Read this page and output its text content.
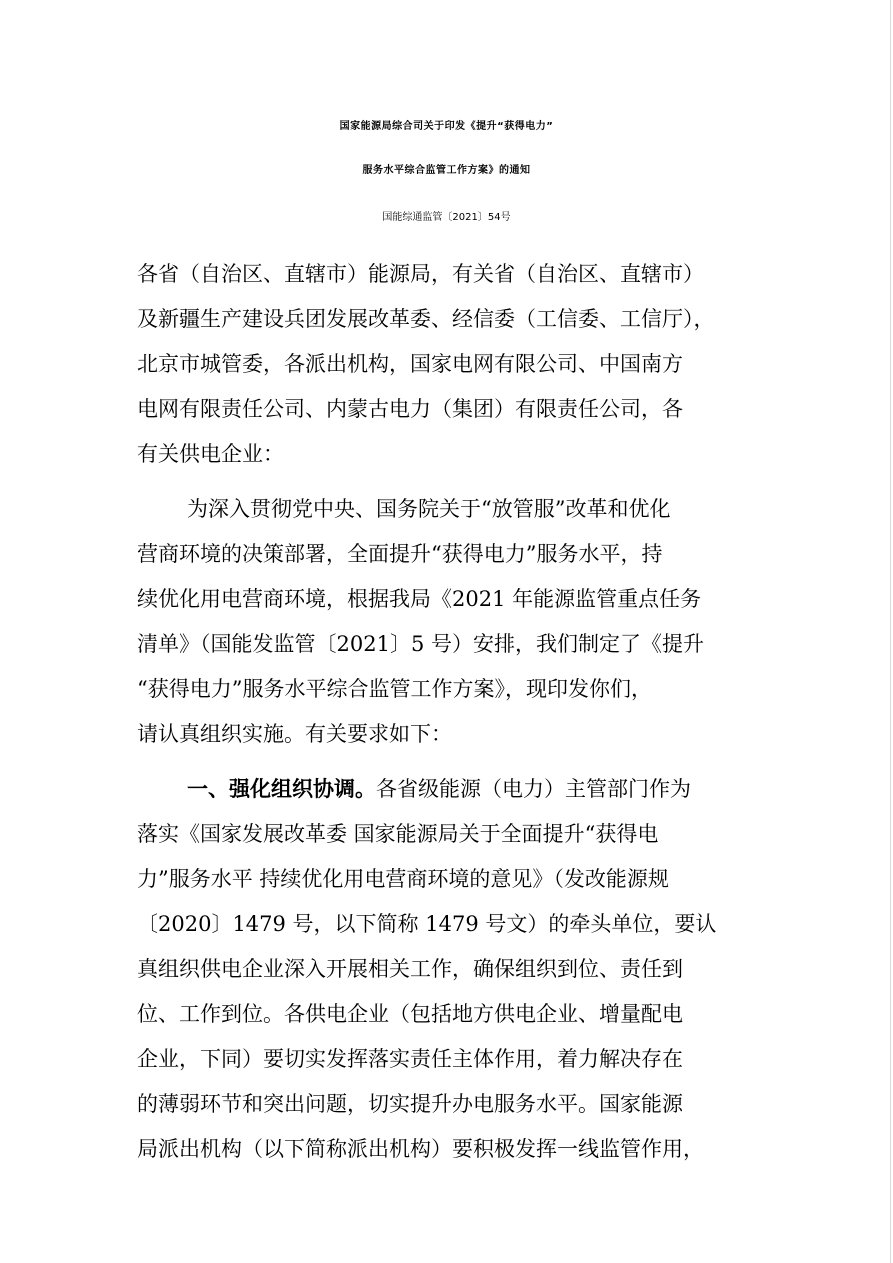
国家能源局综合司关于印发《提升“获得电力”
服务水平综合监管工作方案》的通知
国能综通监管〔2021〕54号
各省（自治区、直辖市）能源局，有关省（自治区、直辖市）
及新疆生产建设兵团发展改革委、经信委（工信委、工信厅），
北京市城管委，各派出机构，国家电网有限公司、中国南方
电网有限责任公司、内蒙古电力（集团）有限责任公司，各
有关供电企业：
为深入贯彻党中央、国务院关于“放管服”改革和优化
营商环境的决策部署，全面提升“获得电力”服务水平，持
续优化用电营商环境，根据我局《2021 年能源监管重点任务
清单》（国能发监管〔2021〕5 号）安排，我们制定了《提升
“获得电力”服务水平综合监管工作方案》，现印发你们，
请认真组织实施。有关要求如下：
一、强化组织协调。各省级能源（电力）主管部门作为
落实《国家发展改革委 国家能源局关于全面提升“获得电
力”服务水平 持续优化用电营商环境的意见》（发改能源规
〔2020〕1479 号，以下简称 1479 号文）的牵头单位，要认
真组织供电企业深入开展相关工作，确保组织到位、责任到
位、工作到位。各供电企业（包括地方供电企业、增量配电
企业，下同）要切实发挥落实责任主体作用，着力解决存在
的薄弱环节和突出问题，切实提升办电服务水平。国家能源
局派出机构（以下简称派出机构）要积极发挥一线监管作用，
